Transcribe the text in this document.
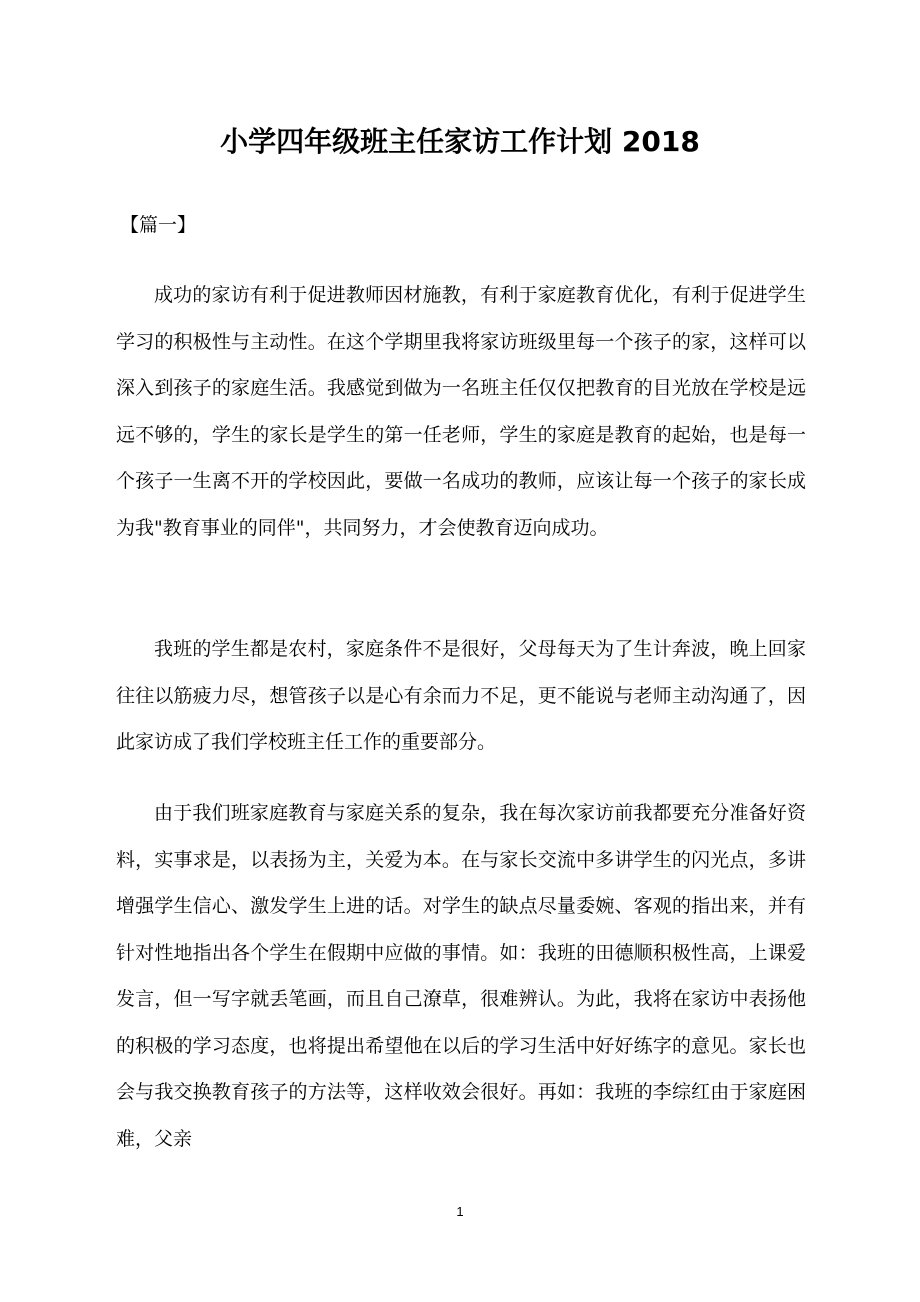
小学四年级班主任家访工作计划 2018

【篇一】

成功的家访有利于促进教师因材施教，有利于家庭教育优化，有利于促进学生学习的积极性与主动性。在这个学期里我将家访班级里每一个孩子的家，这样可以深入到孩子的家庭生活。我感觉到做为一名班主任仅仅把教育的目光放在学校是远远不够的，学生的家长是学生的第一任老师，学生的家庭是教育的起始，也是每一个孩子一生离不开的学校因此，要做一名成功的教师，应该让每一个孩子的家长成为我"教育事业的同伴"，共同努力，才会使教育迈向成功。

我班的学生都是农村，家庭条件不是很好，父母每天为了生计奔波，晚上回家往往以筋疲力尽，想管孩子以是心有余而力不足，更不能说与老师主动沟通了，因此家访成了我们学校班主任工作的重要部分。

由于我们班家庭教育与家庭关系的复杂，我在每次家访前我都要充分准备好资料，实事求是，以表扬为主，关爱为本。在与家长交流中多讲学生的闪光点，多讲增强学生信心、激发学生上进的话。对学生的缺点尽量委婉、客观的指出来，并有针对性地指出各个学生在假期中应做的事情。如：我班的田德顺积极性高，上课爱发言，但一写字就丢笔画，而且自己潦草，很难辨认。为此，我将在家访中表扬他的积极的学习态度，也将提出希望他在以后的学习生活中好好练字的意见。家长也会与我交换教育孩子的方法等，这样收效会很好。再如：我班的李综红由于家庭困难，父亲

1
